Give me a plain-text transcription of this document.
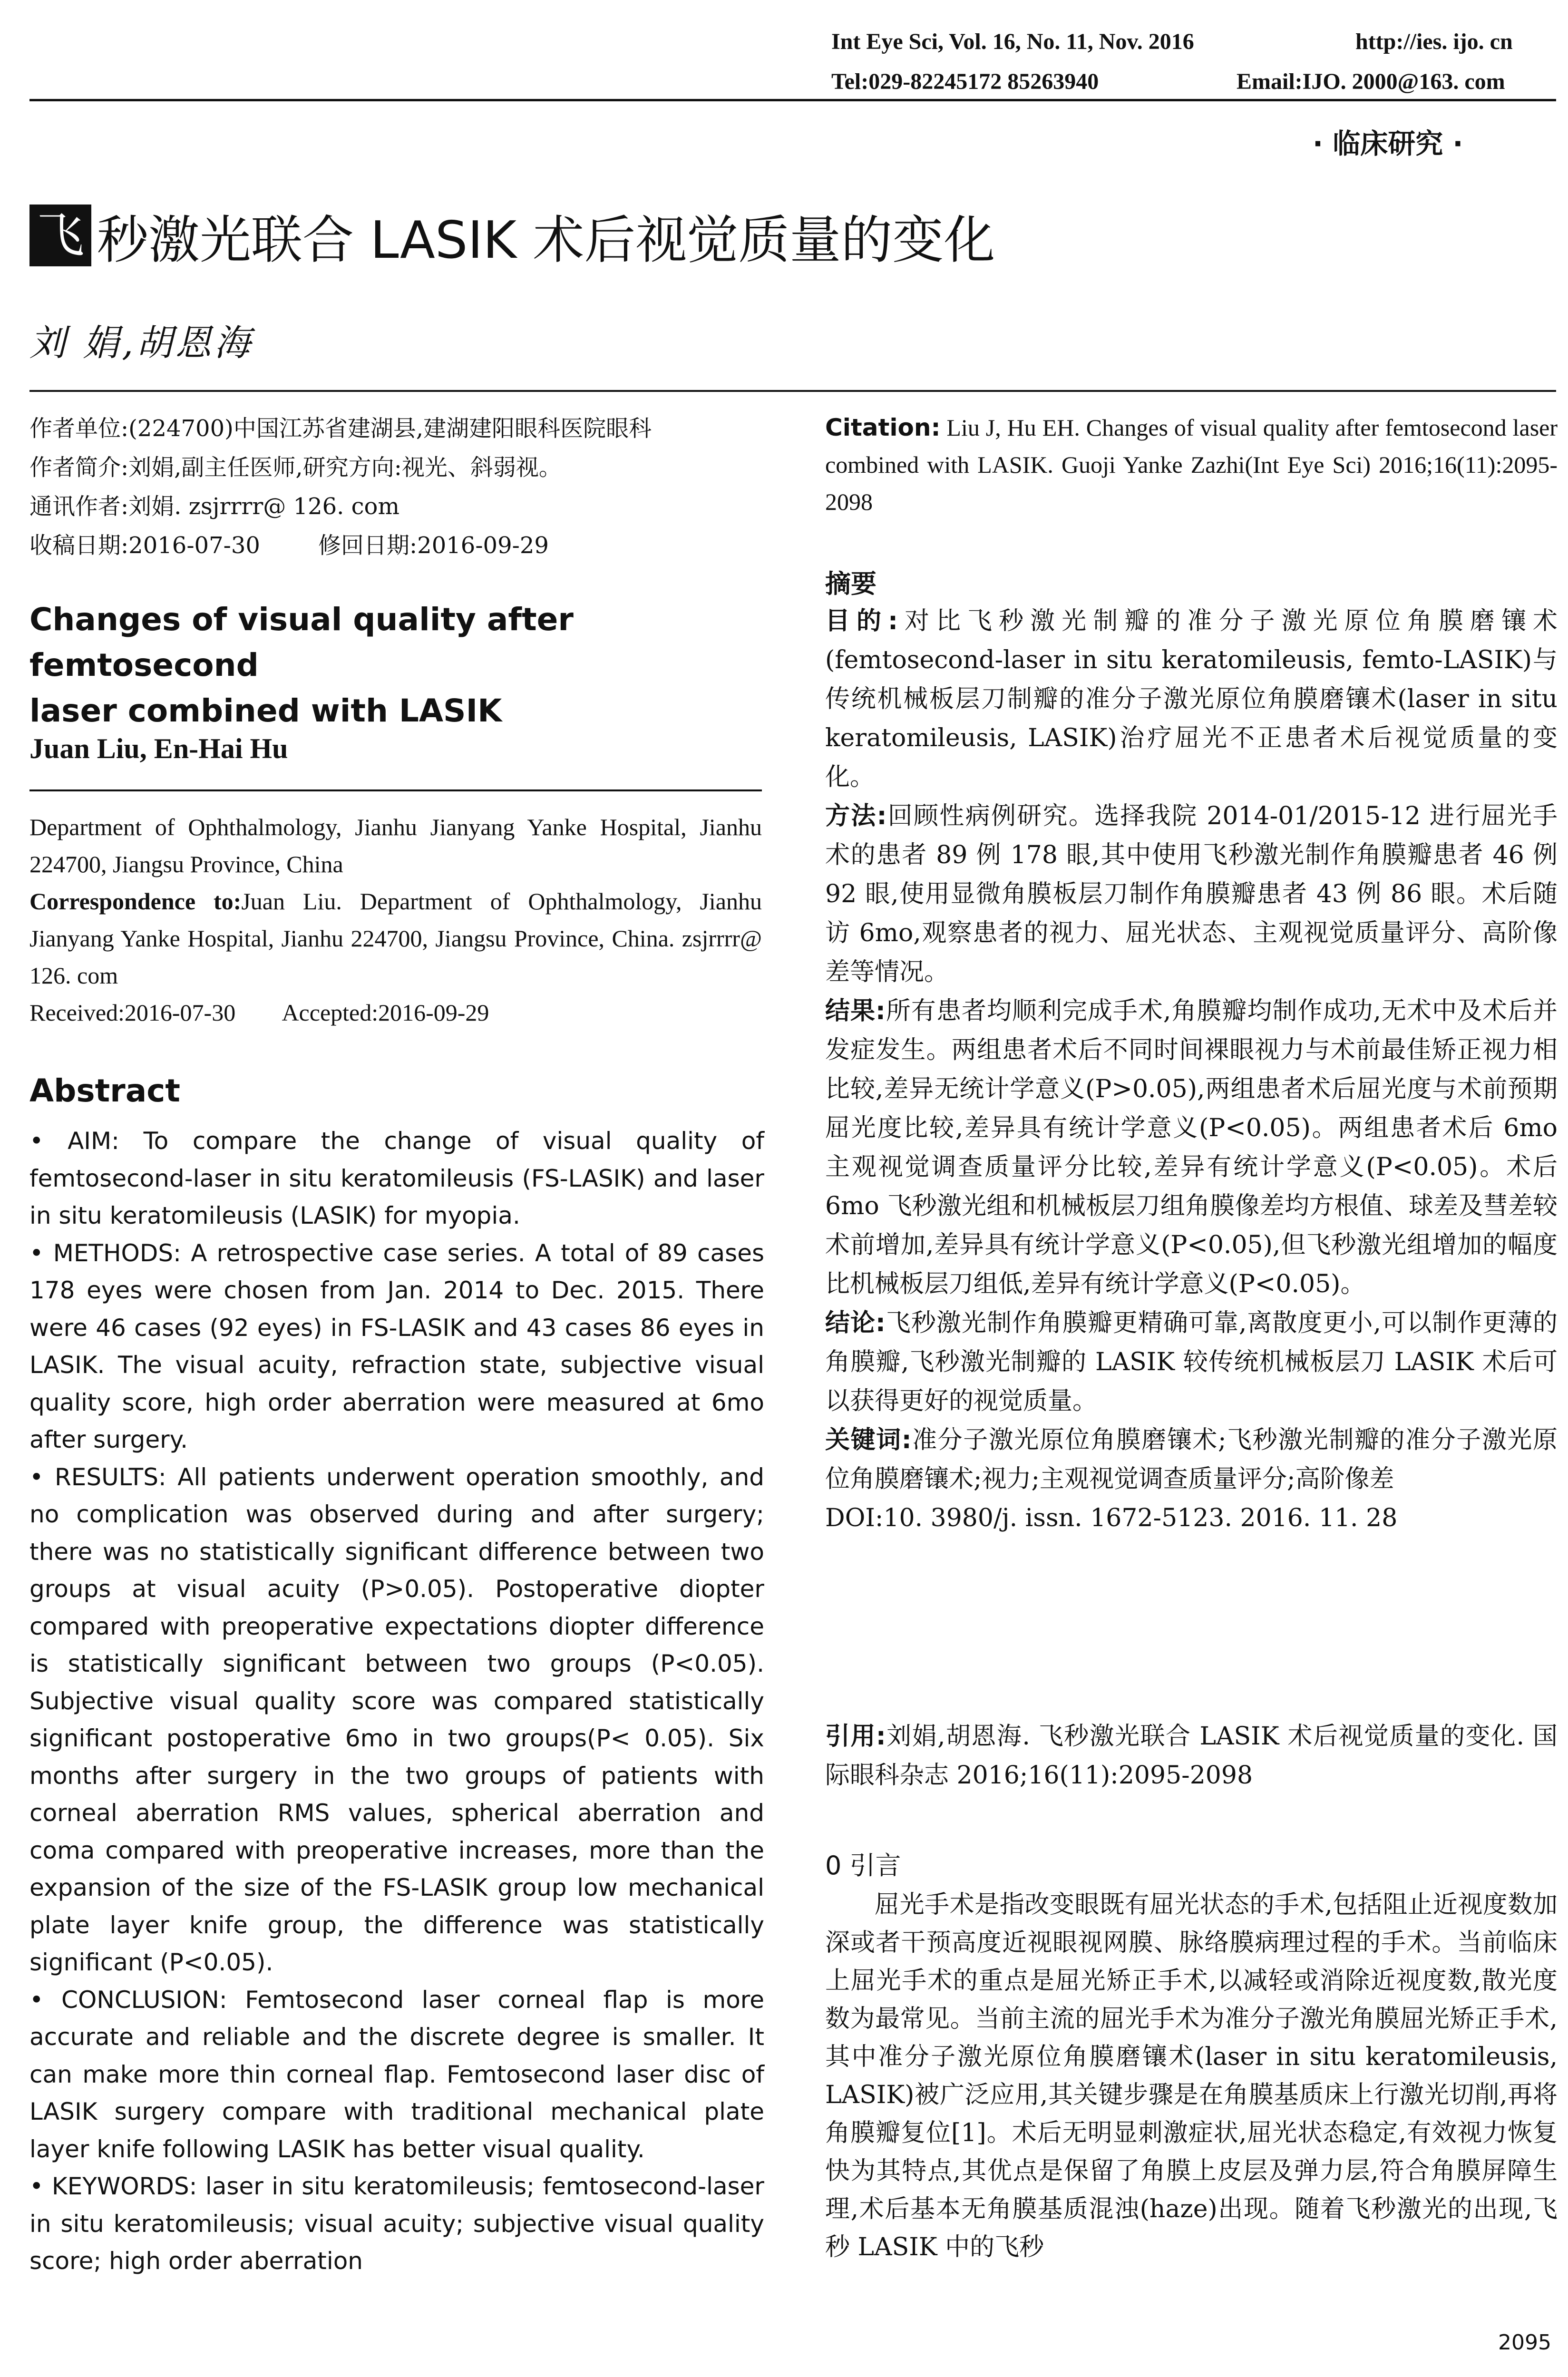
Int Eye Sci, Vol. 16, No. 11, Nov. 2016	http://ies. ijo. cn
Tel:029-82245172 85263940	Email:IJO. 2000@163. com
· 临床研究 ·
飞 秒激光联合 LASIK 术后视觉质量的变化
刘 娟,胡恩海

作者单位:(224700)中国江苏省建湖县,建湖建阳眼科医院眼科

作者简介:刘娟,副主任医师,研究方向:视光、斜弱视。

通讯作者:刘娟. zsjrrrr@ 126. com

收稿日期:2016-07-30        修回日期:2016-09-29

Changes of visual quality after femtosecond

laser combined with LASIK

Juan Liu, En-Hai Hu

Department of Ophthalmology, Jianhu Jianyang Yanke Hospital, Jianhu 224700, Jiangsu Province, China

Correspondence to:Juan Liu. Department of Ophthalmology, Jianhu Jianyang Yanke Hospital, Jianhu 224700, Jiangsu Province, China. zsjrrrr@ 126. com

Received:2016-07-30        Accepted:2016-09-29

Abstract

• AIM: To compare the change of visual quality of femtosecond-laser in situ keratomileusis (FS-LASIK) and laser in situ keratomileusis (LASIK) for myopia.

• METHODS: A retrospective case series. A total of 89 cases 178 eyes were chosen from Jan. 2014 to Dec. 2015. There were 46 cases (92 eyes) in FS-LASIK and 43 cases 86 eyes in LASIK. The visual acuity, refraction state, subjective visual quality score, high order aberration were measured at 6mo after surgery.

• RESULTS: All patients underwent operation smoothly, and no complication was observed during and after surgery; there was no statistically significant difference between two groups at visual acuity (P>0.05). Postoperative diopter compared with preoperative expectations diopter difference is statistically significant between two groups (P<0.05). Subjective visual quality score was compared statistically significant postoperative 6mo in two groups(P< 0.05). Six months after surgery in the two groups of patients with corneal aberration RMS values, spherical aberration and coma compared with preoperative increases, more than the expansion of the size of the FS-LASIK group low mechanical plate layer knife group, the difference was statistically significant (P<0.05).

• CONCLUSION: Femtosecond laser corneal flap is more accurate and reliable and the discrete degree is smaller. It can make more thin corneal flap. Femtosecond laser disc of LASIK surgery compare with traditional mechanical plate layer knife following LASIK has better visual quality.

• KEYWORDS: laser in situ keratomileusis; femtosecond-laser in situ keratomileusis; visual acuity; subjective visual quality score; high order aberration

Citation: Liu J, Hu EH. Changes of visual quality after femtosecond laser combined with LASIK. Guoji Yanke Zazhi(Int Eye Sci) 2016;16(11):2095-2098
摘要

目的:对比飞秒激光制瓣的准分子激光原位角膜磨镶术(femtosecond-laser in situ keratomileusis, femto-LASIK)与传统机械板层刀制瓣的准分子激光原位角膜磨镶术(laser in situ keratomileusis, LASIK)治疗屈光不正患者术后视觉质量的变化。

方法:回顾性病例研究。选择我院 2014-01/2015-12 进行屈光手术的患者 89 例 178 眼,其中使用飞秒激光制作角膜瓣患者 46 例 92 眼,使用显微角膜板层刀制作角膜瓣患者 43 例 86 眼。术后随访 6mo,观察患者的视力、屈光状态、主观视觉质量评分、高阶像差等情况。

结果:所有患者均顺利完成手术,角膜瓣均制作成功,无术中及术后并发症发生。两组患者术后不同时间裸眼视力与术前最佳矫正视力相比较,差异无统计学意义(P>0.05),两组患者术后屈光度与术前预期屈光度比较,差异具有统计学意义(P<0.05)。两组患者术后 6mo 主观视觉调查质量评分比较,差异有统计学意义(P<0.05)。术后 6mo 飞秒激光组和机械板层刀组角膜像差均方根值、球差及彗差较术前增加,差异具有统计学意义(P<0.05),但飞秒激光组增加的幅度比机械板层刀组低,差异有统计学意义(P<0.05)。

结论:飞秒激光制作角膜瓣更精确可靠,离散度更小,可以制作更薄的角膜瓣,飞秒激光制瓣的 LASIK 较传统机械板层刀 LASIK 术后可以获得更好的视觉质量。

关键词:准分子激光原位角膜磨镶术;飞秒激光制瓣的准分子激光原位角膜磨镶术;视力;主观视觉调查质量评分;高阶像差

DOI:10. 3980/j. issn. 1672-5123. 2016. 11. 28

引用:刘娟,胡恩海. 飞秒激光联合 LASIK 术后视觉质量的变化. 国际眼科杂志 2016;16(11):2095-2098
0 引言
屈光手术是指改变眼既有屈光状态的手术,包括阻止近视度数加深或者干预高度近视眼视网膜、脉络膜病理过程的手术。当前临床上屈光手术的重点是屈光矫正手术,以减轻或消除近视度数,散光度数为最常见。当前主流的屈光手术为准分子激光角膜屈光矫正手术,其中准分子激光原位角膜磨镶术(laser in situ keratomileusis, LASIK)被广泛应用,其关键步骤是在角膜基质床上行激光切削,再将角膜瓣复位[1]。术后无明显刺激症状,屈光状态稳定,有效视力恢复快为其特点,其优点是保留了角膜上皮层及弹力层,符合角膜屏障生理,术后基本无角膜基质混浊(haze)出现。随着飞秒激光的出现,飞秒 LASIK 中的飞秒
2095
